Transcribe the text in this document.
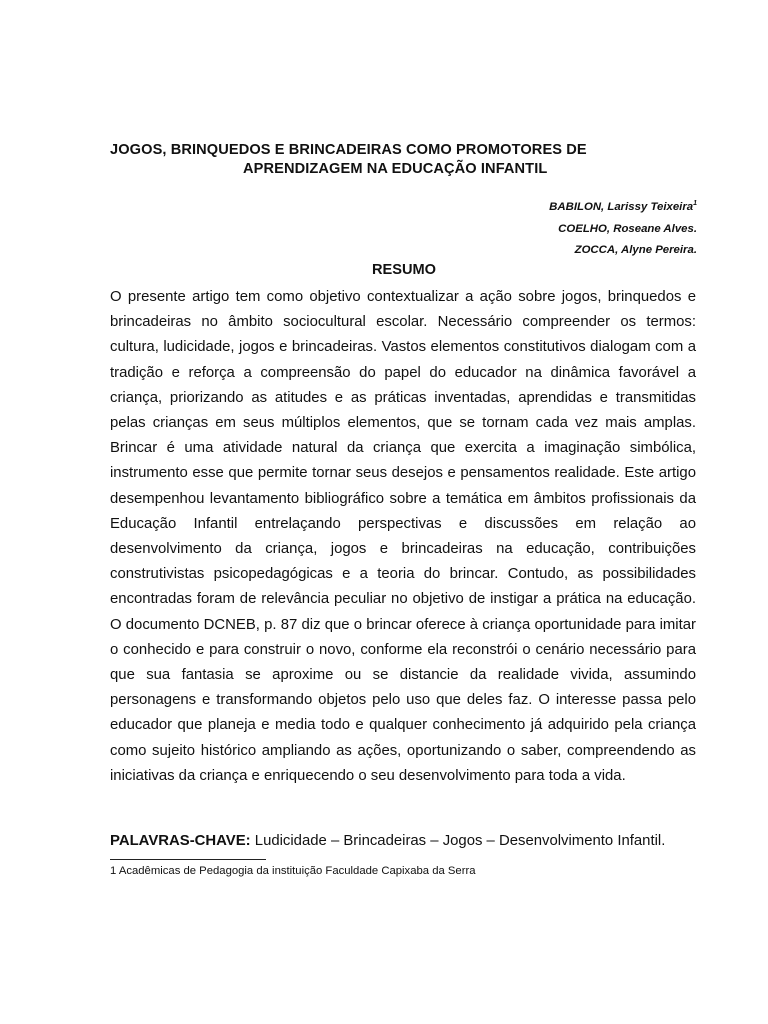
JOGOS, BRINQUEDOS E BRINCADEIRAS COMO PROMOTORES DE
APRENDIZAGEM NA EDUCAÇÃO INFANTIL
BABILON, Larissy Teixeira$^1$
COELHO, Roseane Alves.
ZOCCA, Alyne Pereira.
RESUMO

O presente artigo tem como objetivo contextualizar a ação sobre jogos, brinquedos e brincadeiras no âmbito sociocultural escolar. Necessário compreender os termos: cultura, ludicidade, jogos e brincadeiras. Vastos elementos constitutivos dialogam com a tradição e reforça a compreensão do papel do educador na dinâmica favorável a criança, priorizando as atitudes e as práticas inventadas, aprendidas e transmitidas pelas crianças em seus múltiplos elementos, que se tornam cada vez mais amplas. Brincar é uma atividade natural da criança que exercita a imaginação simbólica, instrumento esse que permite tornar seus desejos e pensamentos realidade. Este artigo desempenhou levantamento bibliográfico sobre a temática em âmbitos profissionais da Educação Infantil entrelaçando perspectivas e discussões em relação ao desenvolvimento da criança, jogos e brincadeiras na educação, contribuições construtivistas psicopedagógicas e a teoria do brincar. Contudo, as possibilidades encontradas foram de relevância peculiar no objetivo de instigar a prática na educação. O documento DCNEB, p. 87 diz que o brincar oferece à criança oportunidade para imitar o conhecido e para construir o novo, conforme ela reconstrói o cenário necessário para que sua fantasia se aproxime ou se distancie da realidade vivida, assumindo personagens e transformando objetos pelo uso que deles faz. O interesse passa pelo educador que planeja e media todo e qualquer conhecimento já adquirido pela criança como sujeito histórico ampliando as ações, oportunizando o saber, compreendendo as iniciativas da criança e enriquecendo o seu desenvolvimento para toda a vida.

PALAVRAS-CHAVE: Ludicidade – Brincadeiras – Jogos – Desenvolvimento Infantil.
1 Acadêmicas de Pedagogia da instituição Faculdade Capixaba da Serra
